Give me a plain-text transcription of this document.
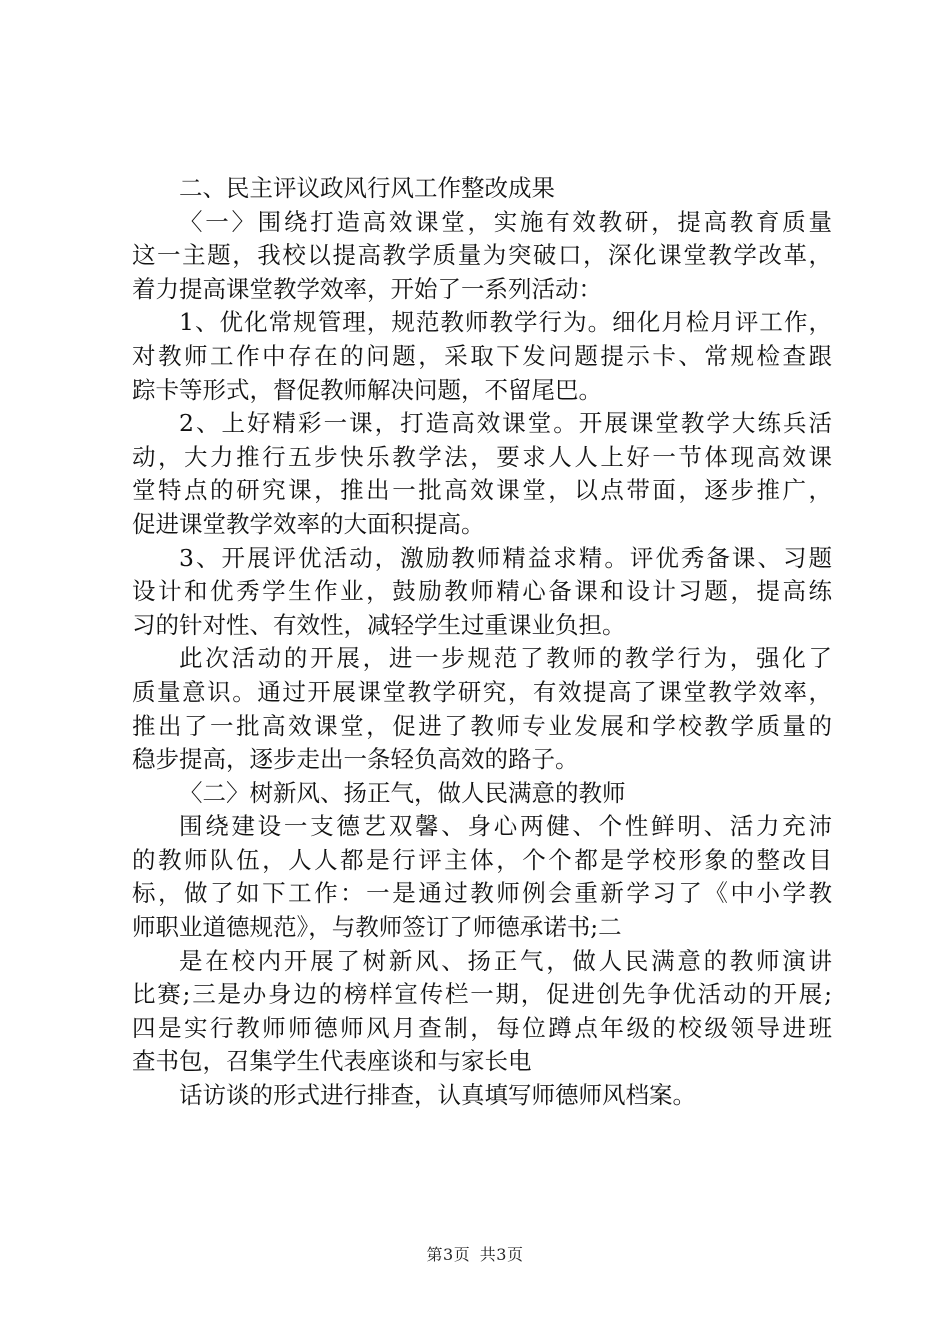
二、民主评议政风行风工作整改成果
〈一〉围绕打造高效课堂，实施有效教研，提高教育质量
这一主题，我校以提高教学质量为突破口，深化课堂教学改革，
着力提高课堂教学效率，开始了一系列活动：
1、优化常规管理，规范教师教学行为。细化月检月评工作，
对教师工作中存在的问题，采取下发问题提示卡、常规检查跟
踪卡等形式，督促教师解决问题，不留尾巴。
2、上好精彩一课，打造高效课堂。开展课堂教学大练兵活
动，大力推行五步快乐教学法，要求人人上好一节体现高效课
堂特点的研究课，推出一批高效课堂，以点带面，逐步推广，
促进课堂教学效率的大面积提高。
3、开展评优活动，激励教师精益求精。评优秀备课、习题
设计和优秀学生作业，鼓励教师精心备课和设计习题，提高练
习的针对性、有效性，减轻学生过重课业负担。
此次活动的开展，进一步规范了教师的教学行为，强化了
质量意识。通过开展课堂教学研究，有效提高了课堂教学效率，
推出了一批高效课堂，促进了教师专业发展和学校教学质量的
稳步提高，逐步走出一条轻负高效的路子。
〈二〉树新风、扬正气，做人民满意的教师
围绕建设一支德艺双馨、身心两健、个性鲜明、活力充沛
的教师队伍，人人都是行评主体，个个都是学校形象的整改目
标，做了如下工作：一是通过教师例会重新学习了《中小学教
师职业道德规范》，与教师签订了师德承诺书;二
是在校内开展了树新风、扬正气，做人民满意的教师演讲
比赛;三是办身边的榜样宣传栏一期，促进创先争优活动的开展;
四是实行教师师德师风月查制，每位蹲点年级的校级领导进班
查书包，召集学生代表座谈和与家长电
话访谈的形式进行排查，认真填写师德师风档案。
第3页 共3页
